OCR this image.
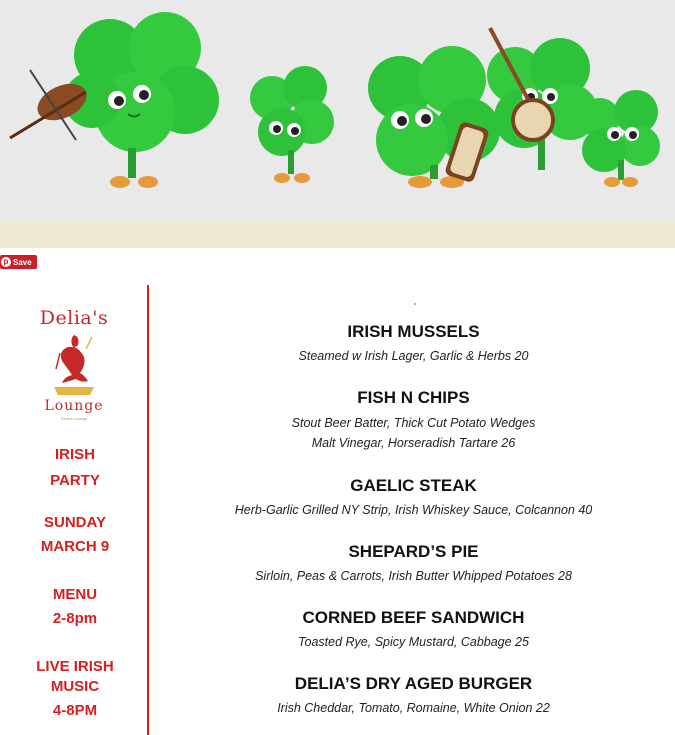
p Save
Delia's
Lounge
Delia's Lounge
IRISH
PARTY
SUNDAY
MARCH 9
MENU
2-8pm
LIVE IRISH
MUSIC
4-8PM
IRISH MUSSELS
Steamed w Irish Lager, Garlic & Herbs 20
FISH N CHIPS
Stout Beer Batter, Thick Cut Potato Wedges
Malt Vinegar, Horseradish Tartare 26
GAELIC STEAK
Herb-Garlic Grilled NY Strip, Irish Whiskey Sauce, Colcannon 40
SHEPARD’S PIE
Sirloin, Peas & Carrots, Irish Butter Whipped Potatoes 28
CORNED BEEF SANDWICH
Toasted Rye, Spicy Mustard, Cabbage 25
DELIA’S DRY AGED BURGER
Irish Cheddar, Tomato, Romaine, White Onion 22
